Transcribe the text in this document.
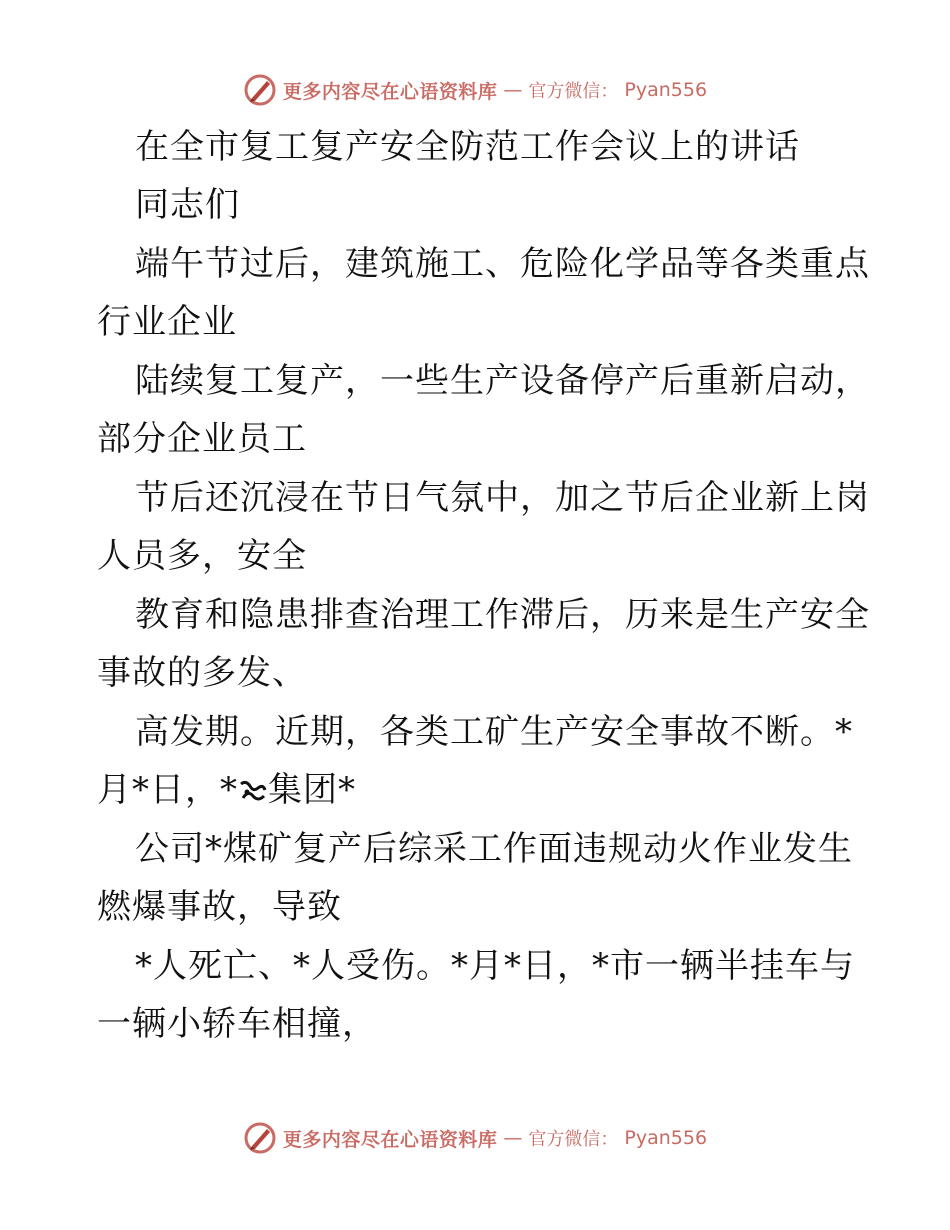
更多内容尽在心语资料库 — 官方微信： Pyan556
在全市复工复产安全防范工作会议上的讲话
同志们
端午节过后，建筑施工、危险化学品等各类重点
行业企业
陆续复工复产，一些生产设备停产后重新启动，
部分企业员工
节后还沉浸在节日气氛中，加之节后企业新上岗
人员多，安全
教育和隐患排查治理工作滞后，历来是生产安全
事故的多发、
高发期。近期，各类工矿生产安全事故不断。*
月*日，* 集团*
公司*煤矿复产后综采工作面违规动火作业发生
燃爆事故，导致
*人死亡、*人受伤。*月*日，*市一辆半挂车与
一辆小轿车相撞，
更多内容尽在心语资料库 — 官方微信： Pyan556
